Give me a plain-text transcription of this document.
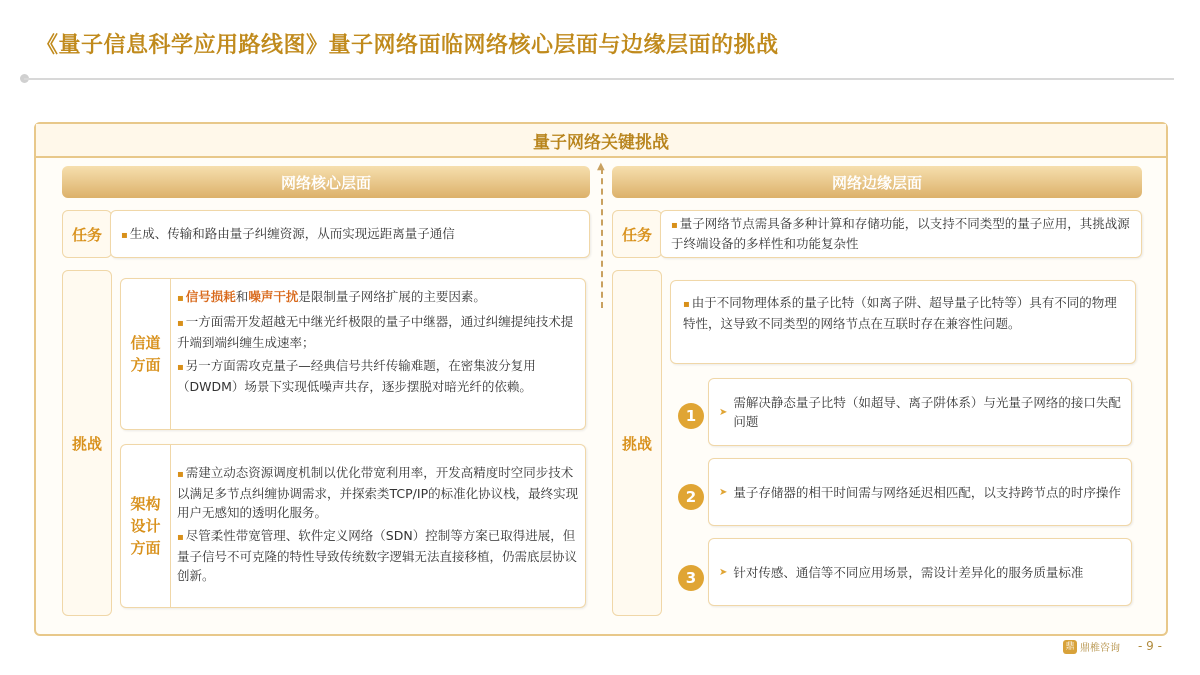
《量子信息科学应用路线图》量子网络面临网络核心层面与边缘层面的挑战
量子网络关键挑战
网络核心层面	网络边缘层面
▲
任务
▪	生成、传输和路由量子纠缠资源，从而实现远距离量子通信
挑战
信道方面
▪ 信号损耗和噪声干扰是限制量子网络扩展的主要因素。
▪ 一方面需开发超越无中继光纤极限的量子中继器，通过纠缠提纯技术提升端到端纠缠生成速率；
▪ 另一方面需攻克量子—经典信号共纤传输难题，在密集波分复用（DWDM）场景下实现低噪声共存，逐步摆脱对暗光纤的依赖。
架构设计方面
▪ 需建立动态资源调度机制以优化带宽利用率，开发高精度时空同步技术以满足多节点纠缠协调需求，并探索类TCP/IP的标准化协议栈，最终实现用户无感知的透明化服务。
▪ 尽管柔性带宽管理、软件定义网络（SDN）控制等方案已取得进展，但量子信号不可克隆的特性导致传统数字逻辑无法直接移植，仍需底层协议创新。
任务
▪ 量子网络节点需具备多种计算和存储功能，以支持不同类型的量子应用，其挑战源于终端设备的多样性和功能复杂性
挑战
▪ 由于不同物理体系的量子比特（如离子阱、超导量子比特等）具有不同的物理特性，这导致不同类型的网络节点在互联时存在兼容性问题。
1	➤
需解决静态量子比特（如超导、离子阱体系）与光量子网络的接口失配问题
2	➤ 量子存储器的相干时间需与网络延迟相匹配，以支持跨节点的时序操作
3	➤ 针对传感、通信等不同应用场景，需设计差异化的服务质量标准
鼎 鼎椎咨询 - 9 -
